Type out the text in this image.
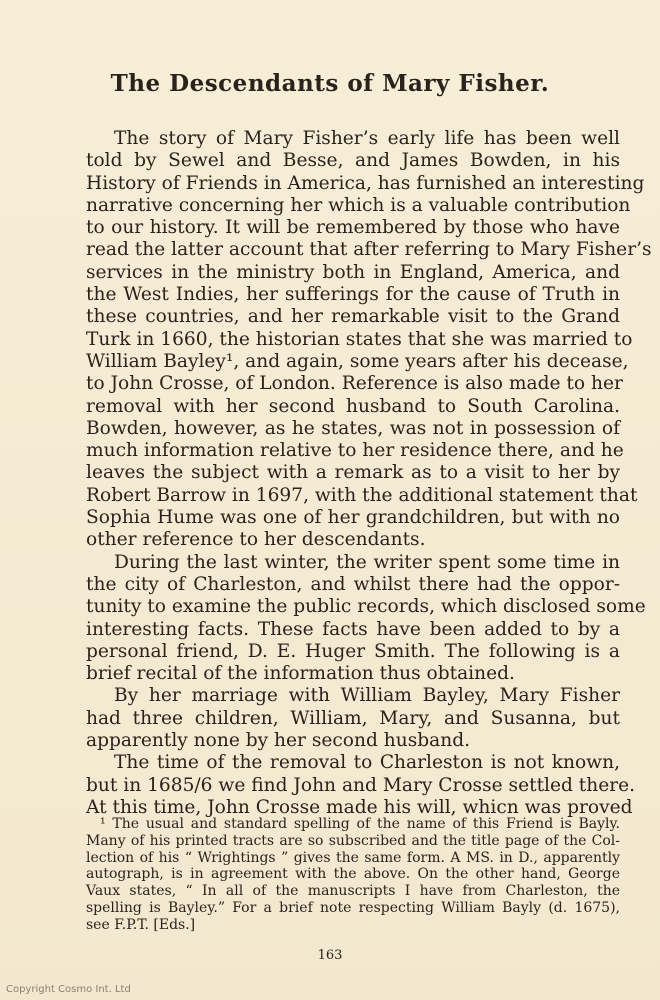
The Descendants of Mary Fisher.
The story of Mary Fisher’s early life has been well
told by Sewel and Besse, and James Bowden, in his
History of Friends in America, has furnished an interesting
narrative concerning her which is a valuable contribution
to our history. It will be remembered by those who have
read the latter account that after referring to Mary Fisher’s
services in the ministry both in England, America, and
the West Indies, her sufferings for the cause of Truth in
these countries, and her remarkable visit to the Grand
Turk in 1660, the historian states that she was married to
William Bayley¹, and again, some years after his decease,
to John Crosse, of London. Reference is also made to her
removal with her second husband to South Carolina.
Bowden, however, as he states, was not in possession of
much information relative to her residence there, and he
leaves the subject with a remark as to a visit to her by
Robert Barrow in 1697, with the additional statement that
Sophia Hume was one of her grandchildren, but with no
other reference to her descendants.
During the last winter, the writer spent some time in
the city of Charleston, and whilst there had the oppor-
tunity to examine the public records, which disclosed some
interesting facts. These facts have been added to by a
personal friend, D. E. Huger Smith. The following is a
brief recital of the information thus obtained.
By her marriage with William Bayley, Mary Fisher
had three children, William, Mary, and Susanna, but
apparently none by her second husband.
The time of the removal to Charleston is not known,
but in 1685/6 we find John and Mary Crosse settled there.
At this time, John Crosse made his will, whicn was proved
¹ The usual and standard spelling of the name of this Friend is Bayly.
Many of his printed tracts are so subscribed and the title page of the Col-
lection of his “ Wrightings ” gives the same form. A MS. in D., apparently
autograph, is in agreement with the above. On the other hand, George
Vaux states, “ In all of the manuscripts I have from Charleston, the
spelling is Bayley.” For a brief note respecting William Bayly (d. 1675),
see F.P.T. [Eds.]
163
Copyright Cosmo Int. Ltd
